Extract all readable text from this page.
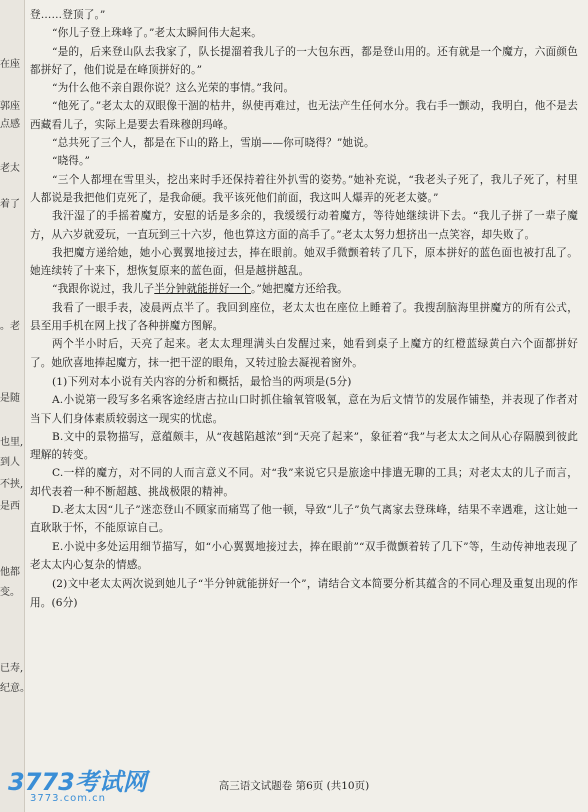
在座
郭座
点感
老太
着了
。老
是随
也里,
到人
不挟,
是西
他都
变。
已寿,
纪意。

登……登顶了。”

“你儿子登上珠峰了。”老太太瞬间伟大起来。

“是的，后来登山队去我家了，队长提溜着我儿子的一大包东西，都是登山用的。还有就是一个魔方，六面颜色都拼好了，他们说是在峰顶拼好的。”

“为什么他不亲自跟你说？这么光荣的事情。”我问。

“他死了。”老太太的双眼像干涸的枯井，纵使再难过，也无法产生任何水分。我右手一颤动，我明白，他不是去西藏看儿子，实际上是要去看珠穆朗玛峰。

“总共死了三个人，都是在下山的路上，雪崩——你可晓得？”她说。

“晓得。”

“三个人都埋在雪里头，挖出来时手还保持着往外扒雪的姿势。”她补充说，“我老头子死了，我儿子死了，村里人都说是我把他们克死了，是我命硬。我平该死他们前面，我这叫人爆弄的死老太婆。”

我汗湿了的手摇着魔方，安慰的话是多余的，我缓缓行动着魔方，等待她继续讲下去。“我儿子拼了一辈子魔方，从六岁就爱玩，一直玩到三十六岁，他也算这方面的高手了。”老太太努力想挤出一点笑容，却失败了。

我把魔方递给她，她小心翼翼地接过去，捧在眼前。她双手微颤着转了几下，原本拼好的蓝色面也被打乱了。她连续转了十来下，想恢复原来的蓝色面，但是越拼越乱。

“我跟你说过，我儿子半分钟就能拼好一个。”她把魔方还给我。

我看了一眼手表，凌晨两点半了。我回到座位，老太太也在座位上睡着了。我搜刮脑海里拼魔方的所有公式，县至用手机在网上找了各种拼魔方图解。

两个半小时后，天亮了起来。老太太理理满头白发醒过来，她看到桌子上魔方的红橙蓝绿黄白六个面都拼好了。她欣喜地捧起魔方，抹一把干涩的眼角，又转过脸去凝视着窗外。

(1)下列对本小说有关内容的分析和概括，最恰当的两项是(5分)

A.小说第一段写多名乘客途经唐古拉山口时抓住输氧管吸氧，意在为后文情节的发展作铺垫，并表现了作者对当下人们身体素质较弱这一现实的忧虑。

B.文中的景物描写，意蕴颇丰，从“夜越陷越浓”到“天亮了起来”，象征着“我”与老太太之间从心存隔膜到彼此理解的转变。

C.一样的魔方，对不同的人而言意义不同。对“我”来说它只是旅途中排遣无聊的工具；对老太太的儿子而言，却代表着一种不断超越、挑战极限的精神。

D.老太太因“儿子”迷恋登山不顾家而痛骂了他一顿，导致“儿子”负气离家去登珠峰，结果不幸遇难，这让她一直耿耿于怀，不能原谅自己。

E.小说中多处运用细节描写，如“小心翼翼地接过去，捧在眼前”“双手微颤着转了几下”等，生动传神地表现了老太太内心复杂的情感。

(2)文中老太太两次说到她儿子“半分钟就能拼好一个”，请结合文本简要分析其蕴含的不同心理及重复出现的作用。(6分)

高三语文试题卷 第6页 (共10页)
3773考试网
3773.com.cn
